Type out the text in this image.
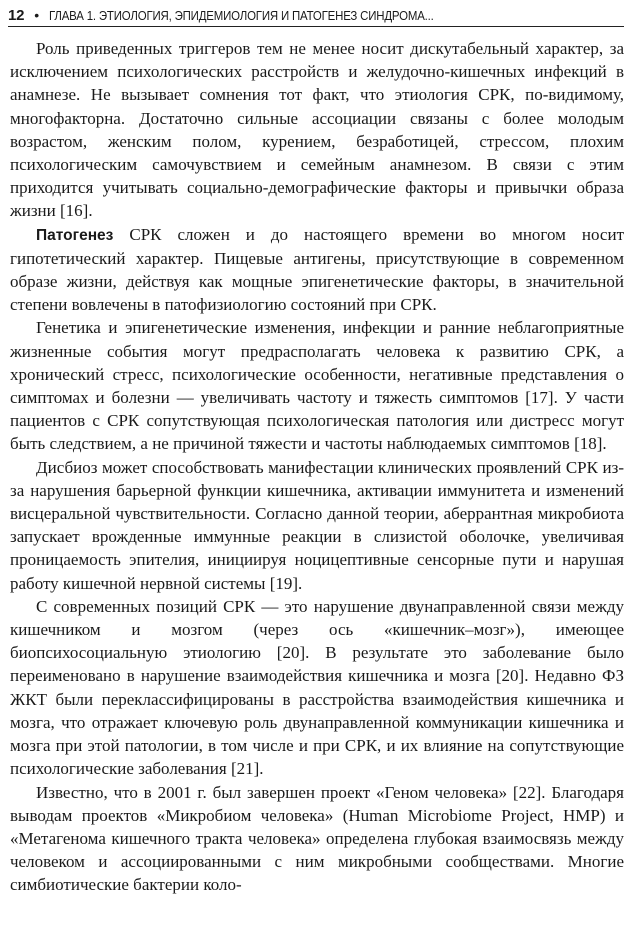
12 • ГЛАВА 1. ЭТИОЛОГИЯ, ЭПИДЕМИОЛОГИЯ И ПАТОГЕНЕЗ СИНДРОМА...

Роль приведенных триггеров тем не менее носит дискутабельный характер, за исключением психологических расстройств и желудочно-кишечных инфекций в анамнезе. Не вызывает сомнения тот факт, что этиология СРК, по-видимому, многофакторна. Достаточно сильные ассоциации связаны с более молодым возрастом, женским полом, курением, безработицей, стрессом, плохим психологическим самочувствием и семейным анамнезом. В связи с этим приходится учитывать социально-демографические факторы и привычки образа жизни [16].

Патогенез СРК сложен и до настоящего времени во многом носит гипотетический характер. Пищевые антигены, присутствующие в современном образе жизни, действуя как мощные эпигенетические факторы, в значительной степени вовлечены в патофизиологию состояний при СРК.

Генетика и эпигенетические изменения, инфекции и ранние неблагоприятные жизненные события могут предрасполагать человека к развитию СРК, а хронический стресс, психологические особенности, негативные представления о симптомах и болезни — увеличивать частоту и тяжесть симптомов [17]. У части пациентов с СРК сопутствующая психологическая патология или дистресс могут быть следствием, а не причиной тяжести и частоты наблюдаемых симптомов [18].

Дисбиоз может способствовать манифестации клинических проявлений СРК из-за нарушения барьерной функции кишечника, активации иммунитета и изменений висцеральной чувствительности. Согласно данной теории, аберрантная микробиота запускает врожденные иммунные реакции в слизистой оболочке, увеличивая проницаемость эпителия, инициируя ноцицептивные сенсорные пути и нарушая работу кишечной нервной системы [19].

С современных позиций СРК — это нарушение двунаправленной связи между кишечником и мозгом (через ось «кишечник–мозг»), имеющее биопсихосоциальную этиологию [20]. В результате это заболевание было переименовано в нарушение взаимодействия кишечника и мозга [20]. Недавно ФЗ ЖКТ были переклассифицированы в расстройства взаимодействия кишечника и мозга, что отражает ключевую роль двунаправленной коммуникации кишечника и мозга при этой патологии, в том числе и при СРК, и их влияние на сопутствующие психологические заболевания [21].

Известно, что в 2001 г. был завершен проект «Геном человека» [22]. Благодаря выводам проектов «Микробиом человека» (Human Microbiome Project, HMP) и «Метагенома кишечного тракта человека» определена глубокая взаимосвязь между человеком и ассоциированными с ним микробными сообществами. Многие симбиотические бактерии коло-
